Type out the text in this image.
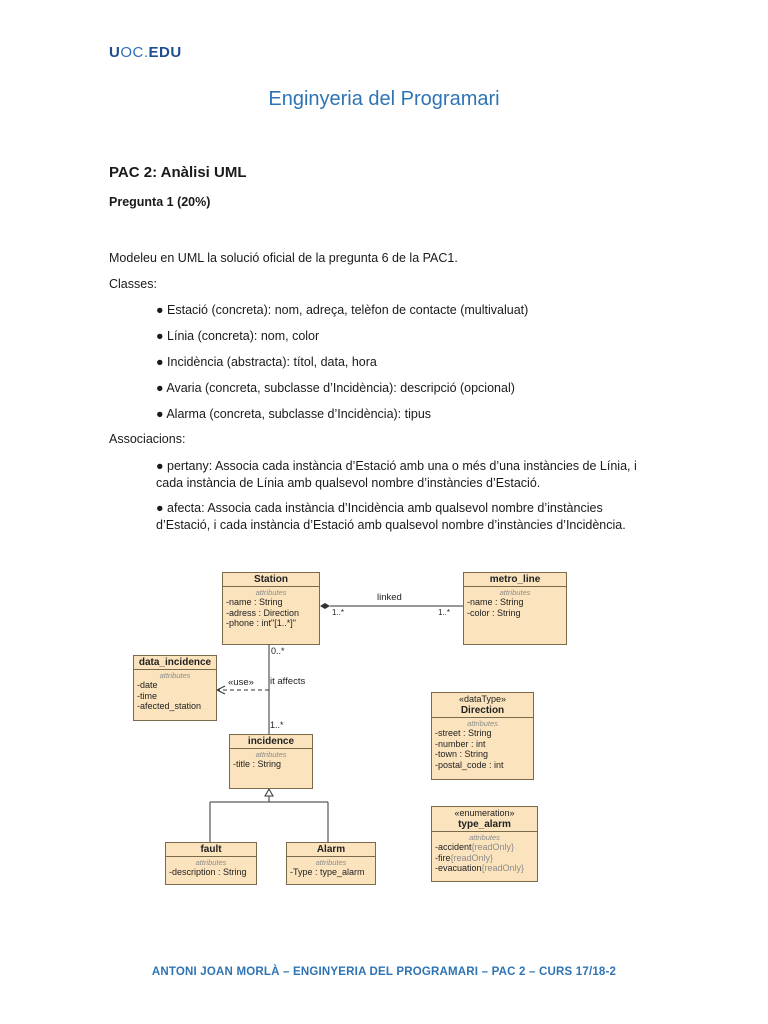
UOC.EDU
Enginyeria del Programari
PAC 2: Anàlisi UML
Pregunta 1 (20%)
Modeleu en UML la solució oficial de la pregunta 6 de la PAC1.
Classes:
● Estació (concreta): nom, adreça, telèfon de contacte (multivaluat)
● Línia (concreta): nom, color
● Incidència (abstracta): títol, data, hora
● Avaria (concreta, subclasse d’Incidència): descripció (opcional)
● Alarma (concreta, subclasse d’Incidència): tipus
Associacions:
● pertany: Associa cada instància d’Estació amb una o més d’una instàncies de Línia, i
cada instància de Línia amb qualsevol nombre d’instàncies d’Estació.
● afecta: Associa cada instància d’Incidència amb qualsevol nombre d’instàncies
d’Estació, i cada instància d’Estació amb qualsevol nombre d’instàncies d’Incidència.
Station
attributes
-name : String
-adress : Direction
-phone : int"[1..*]"
metro_line
attributes
-name : String
-color : String
data_incidence
attributes
-date
-time
-afected_station
incidence
attributes
-title : String
«dataType»
Direction
attributes
-street : String
-number : int
-town : String
-postal_code : int
«enumeration»
type_alarm
attributes
-accident{readOnly}
-fire{readOnly}
-evacuation{readOnly}
fault
attributes
-description : String
Alarm
attributes
-Type : type_alarm
linked
1..*	1..*
0..*
1..*
it affects
«use»
ANTONI JOAN MORLÀ – ENGINYERIA DEL PROGRAMARI – PAC 2 – CURS 17/18-2
